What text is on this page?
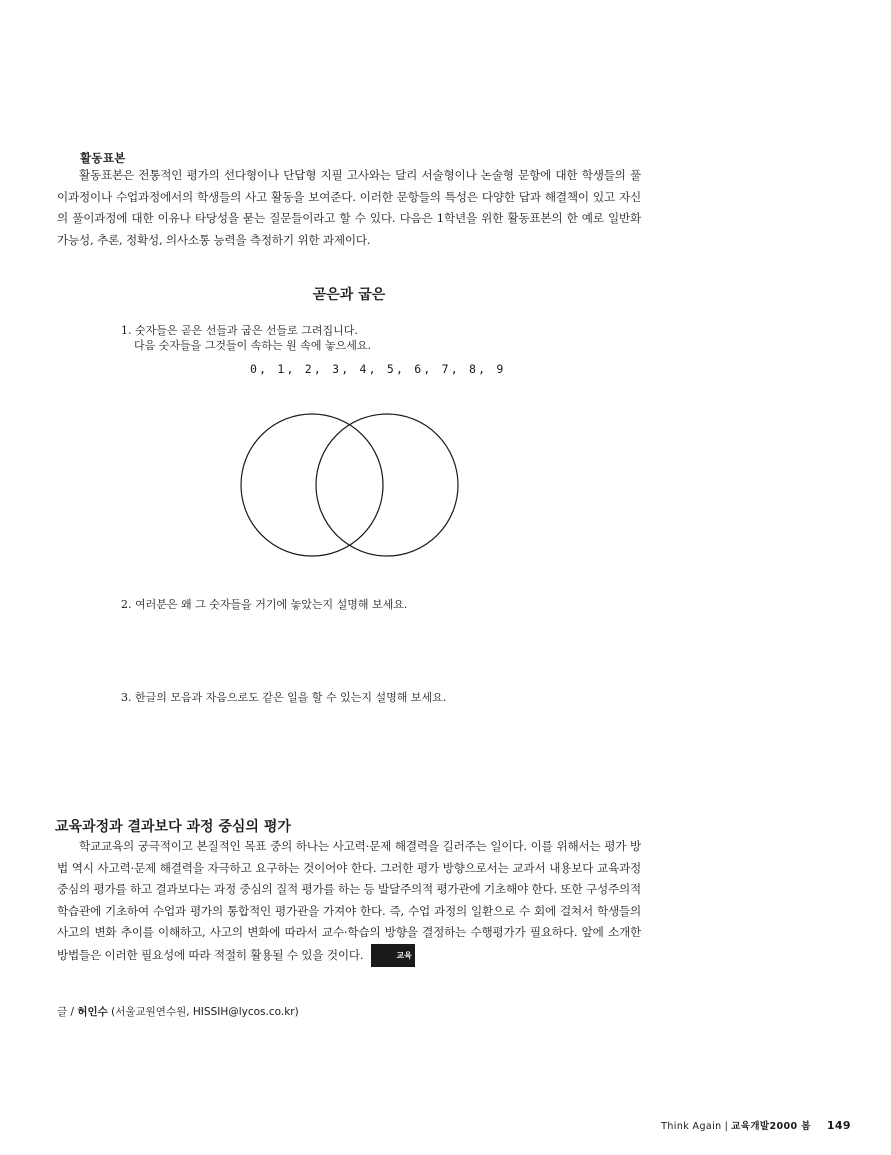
활동표본

활동표본은 전통적인 평가의 선다형이나 단답형 지필 고사와는 달리 서술형이나 논술형 문항에 대한 학생들의 풀이과정이나 수업과정에서의 학생들의 사고 활동을 보여준다. 이러한 문항들의 특성은 다양한 답과 해결책이 있고 자신의 풀이과정에 대한 이유나 타당성을 묻는 질문들이라고 할 수 있다. 다음은 1학년을 위한 활동표본의 한 예로 일반화 가능성, 추론, 정확성, 의사소통 능력을 측정하기 위한 과제이다.

곧은과 굽은
1. 숫자들은 곧은 선들과 굽은 선들로 그려집니다.
다음 숫자들을 그것들이 속하는 원 속에 놓으세요.
0, 1, 2, 3, 4, 5, 6, 7, 8, 9
2. 여러분은 왜 그 숫자들을 거기에 놓았는지 설명해 보세요.
3. 한글의 모음과 자음으로도 같은 일을 할 수 있는지 설명해 보세요.
교육과정과 결과보다 과정 중심의 평가

학교교육의 궁극적이고 본질적인 목표 중의 하나는 사고력·문제 해결력을 길러주는 일이다. 이를 위해서는 평가 방법 역시 사고력·문제 해결력을 자극하고 요구하는 것이어야 한다. 그러한 평가 방향으로서는 교과서 내용보다 교육과정 중심의 평가를 하고 결과보다는 과정 중심의 질적 평가를 하는 등 발달주의적 평가관에 기초해야 한다. 또한 구성주의적 학습관에 기초하여 수업과 평가의 통합적인 평가관을 가져야 한다. 즉, 수업 과정의 일환으로 수 회에 걸쳐서 학생들의 사고의 변화 추이를 이해하고, 사고의 변화에 따라서 교수·학습의 방향을 결정하는 수행평가가 필요하다. 앞에 소개한 방법들은 이러한 필요성에 따라 적절히 활용될 수 있을 것이다.	교육

글 / 허인수 (서울교원연수원, HISSIH@lycos.co.kr)
Think Again | 교육개발2000 봄 149
